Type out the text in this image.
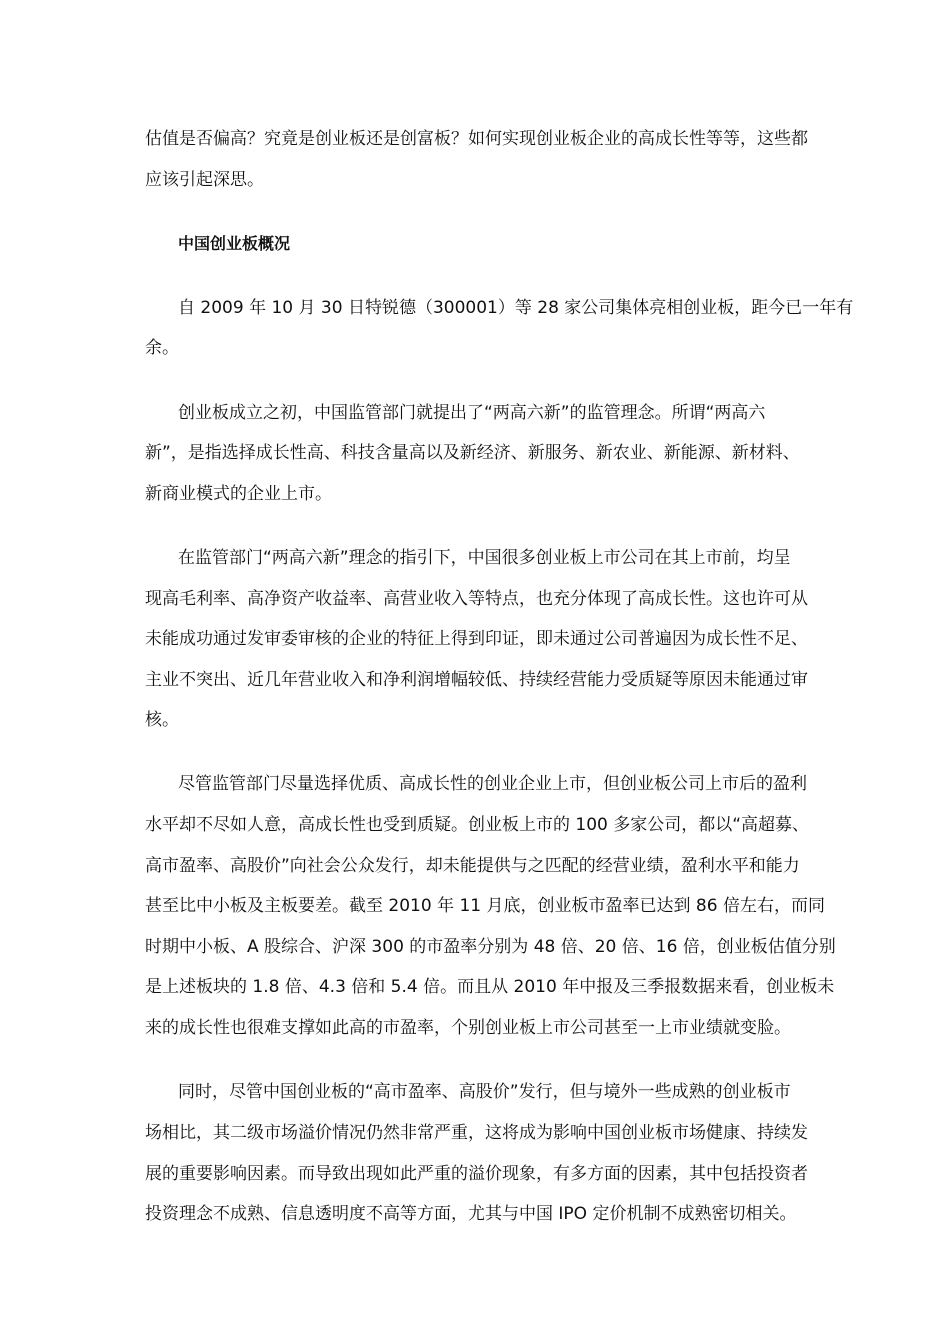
估值是否偏高？究竟是创业板还是创富板？如何实现创业板企业的高成长性等等，这些都
应该引起深思。
中国创业板概况
自 2009 年 10 月 30 日特锐德（300001）等 28 家公司集体亮相创业板，距今已一年有
余。
创业板成立之初，中国监管部门就提出了“两高六新”的监管理念。所谓“两高六
新”，是指选择成长性高、科技含量高以及新经济、新服务、新农业、新能源、新材料、
新商业模式的企业上市。
在监管部门“两高六新”理念的指引下，中国很多创业板上市公司在其上市前，均呈
现高毛利率、高净资产收益率、高营业收入等特点，也充分体现了高成长性。这也许可从
未能成功通过发审委审核的企业的特征上得到印证，即未通过公司普遍因为成长性不足、
主业不突出、近几年营业收入和净利润增幅较低、持续经营能力受质疑等原因未能通过审
核。
尽管监管部门尽量选择优质、高成长性的创业企业上市，但创业板公司上市后的盈利
水平却不尽如人意，高成长性也受到质疑。创业板上市的 100 多家公司，都以“高超募、
高市盈率、高股价”向社会公众发行，却未能提供与之匹配的经营业绩，盈利水平和能力
甚至比中小板及主板要差。截至 2010 年 11 月底，创业板市盈率已达到 86 倍左右，而同
时期中小板、A 股综合、沪深 300 的市盈率分别为 48 倍、20 倍、16 倍，创业板估值分别
是上述板块的 1.8 倍、4.3 倍和 5.4 倍。而且从 2010 年中报及三季报数据来看，创业板未
来的成长性也很难支撑如此高的市盈率，个别创业板上市公司甚至一上市业绩就变脸。
同时，尽管中国创业板的“高市盈率、高股价”发行，但与境外一些成熟的创业板市
场相比，其二级市场溢价情况仍然非常严重，这将成为影响中国创业板市场健康、持续发
展的重要影响因素。而导致出现如此严重的溢价现象，有多方面的因素，其中包括投资者
投资理念不成熟、信息透明度不高等方面，尤其与中国 IPO 定价机制不成熟密切相关。
